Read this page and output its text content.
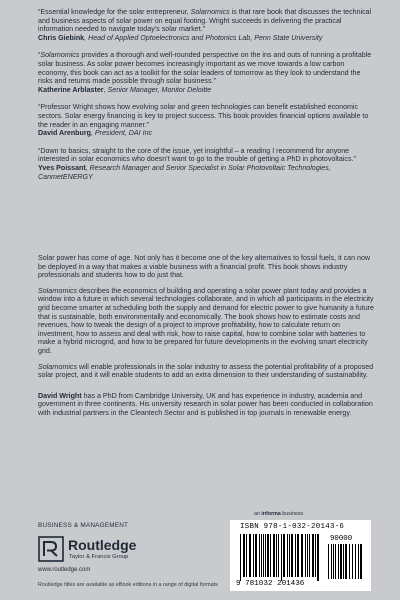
“Essential knowledge for the solar entrepreneur, Solarnomics is that rare book that discusses the technical and business aspects of solar power on equal footing. Wright succeeds in delivering the practical information needed to navigate today’s solar market.”

Chris Giebink, Head of Applied Optoelectronics and Photonics Lab, Penn State University

“Solarnomics provides a thorough and well-rounded perspective on the ins and outs of running a profitable solar business. As solar power becomes increasingly important as we move towards a low carbon economy, this book can act as a toolkit for the solar leaders of tomorrow as they look to understand the risks and returns made possible through solar business.”

Katherine Arblaster, Senior Manager, Monitor Deloitte

“Professor Wright shows how evolving solar and green technologies can benefit established economic sectors. Solar energy financing is key to project success. This book provides financial options available to the reader in an engaging manner.”

David Arenburg, President, DAI Inc

“Down to basics, straight to the core of the issue, yet insightful – a reading I recommend for anyone interested in solar economics who doesn’t want to go to the trouble of getting a PhD in photovoltaics.”

Yves Poissant, Research Manager and Senior Specialist in Solar Photovoltaic Technologies, CanmetENERGY

Solar power has come of age. Not only has it become one of the key alternatives to fossil fuels, it can now be deployed in a way that makes a viable business with a financial profit. This book shows industry professionals and students how to do just that.

Solarnomics describes the economics of building and operating a solar power plant today and provides a window into a future in which several technologies collaborate, and in which all participants in the electricity grid become smarter at scheduling both the supply and demand for electric power to give humanity a future that is sustainable, both environmentally and economically. The book shows how to estimate costs and revenues, how to tweak the design of a project to improve profitability, how to calculate return on investment, how to assess and deal with risk, how to raise capital, how to combine solar with batteries to make a hybrid microgrid, and how to be prepared for future developments in the evolving smart electricity grid.

Solarnomics will enable professionals in the solar industry to assess the potential profitability of a proposed solar project, and it will enable students to add an extra dimension to their understanding of sustainability.

David Wright has a PhD from Cambridge University, UK and has experience in industry, academia and government in three continents. His university research in solar power has been conducted in collaboration with industrial partners in the Cleantech Sector and is published in top journals in renewable energy.

BUSINESS & MANAGEMENT
Routledge
Taylor & Francis Group
www.routledge.com
Routledge titles are available as eBook editions in a range of digital formats
an informa business
ISBN 978-1-032-20143-6
90000
9 781032 201436
